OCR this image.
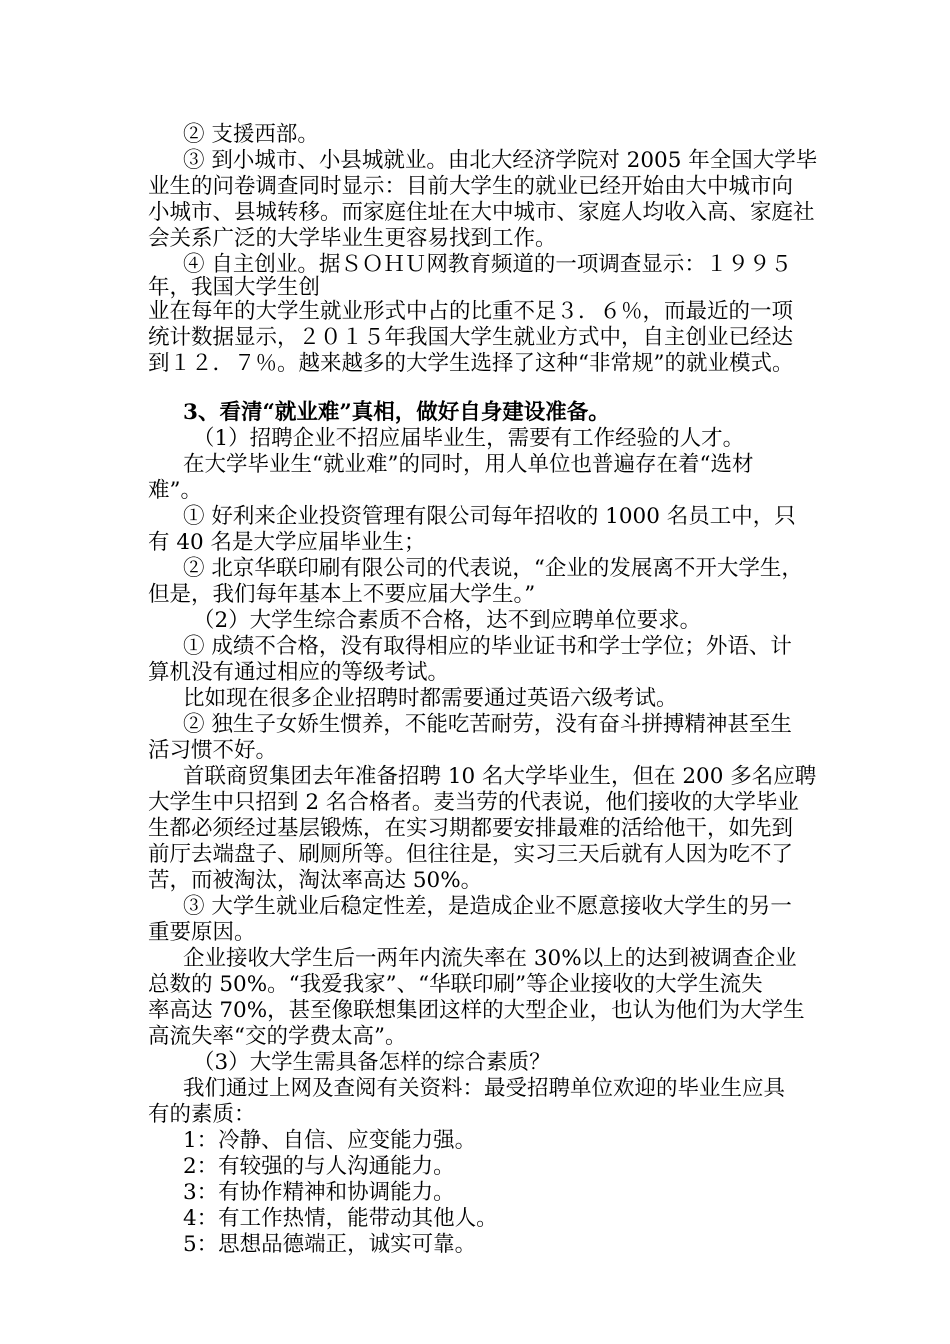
② 支援西部。
③ 到小城市、小县城就业。由北大经济学院对 2005 年全国大学毕
业生的问卷调查同时显示：目前大学生的就业已经开始由大中城市向
小城市、县城转移。而家庭住址在大中城市、家庭人均收入高、家庭社
会关系广泛的大学毕业生更容易找到工作。
④ 自主创业。据ＳＯＨＵ网教育频道的一项调查显示：１９９５
年，我国大学生创
业在每年的大学生就业形式中占的比重不足３．６％，而最近的一项
统计数据显示，２０１５年我国大学生就业方式中，自主创业已经达
到１２．７％。越来越多的大学生选择了这种“非常规”的就业模式。
3、看清“就业难”真相，做好自身建设准备。
（1）招聘企业不招应届毕业生，需要有工作经验的人才。
在大学毕业生“就业难”的同时，用人单位也普遍存在着“选材
难”。
① 好利来企业投资管理有限公司每年招收的 1000 名员工中，只
有 40 名是大学应届毕业生；
② 北京华联印刷有限公司的代表说，“企业的发展离不开大学生，
但是，我们每年基本上不要应届大学生。”
（2）大学生综合素质不合格，达不到应聘单位要求。
① 成绩不合格，没有取得相应的毕业证书和学士学位；外语、计
算机没有通过相应的等级考试。
比如现在很多企业招聘时都需要通过英语六级考试。
② 独生子女娇生惯养，不能吃苦耐劳，没有奋斗拼搏精神甚至生
活习惯不好。
首联商贸集团去年准备招聘 10 名大学毕业生，但在 200 多名应聘
大学生中只招到 2 名合格者。麦当劳的代表说，他们接收的大学毕业
生都必须经过基层锻炼，在实习期都要安排最难的活给他干，如先到
前厅去端盘子、刷厕所等。但往往是，实习三天后就有人因为吃不了
苦，而被淘汰，淘汰率高达 50%。
③ 大学生就业后稳定性差，是造成企业不愿意接收大学生的另一
重要原因。
企业接收大学生后一两年内流失率在 30%以上的达到被调查企业
总数的 50%。“我爱我家”、“华联印刷”等企业接收的大学生流失
率高达 70%，甚至像联想集团这样的大型企业，也认为他们为大学生
高流失率“交的学费太高”。
（3）大学生需具备怎样的综合素质？
我们通过上网及查阅有关资料：最受招聘单位欢迎的毕业生应具
有的素质：
1：冷静、自信、应变能力强。
2：有较强的与人沟通能力。
3：有协作精神和协调能力。
4：有工作热情，能带动其他人。
5：思想品德端正，诚实可靠。
